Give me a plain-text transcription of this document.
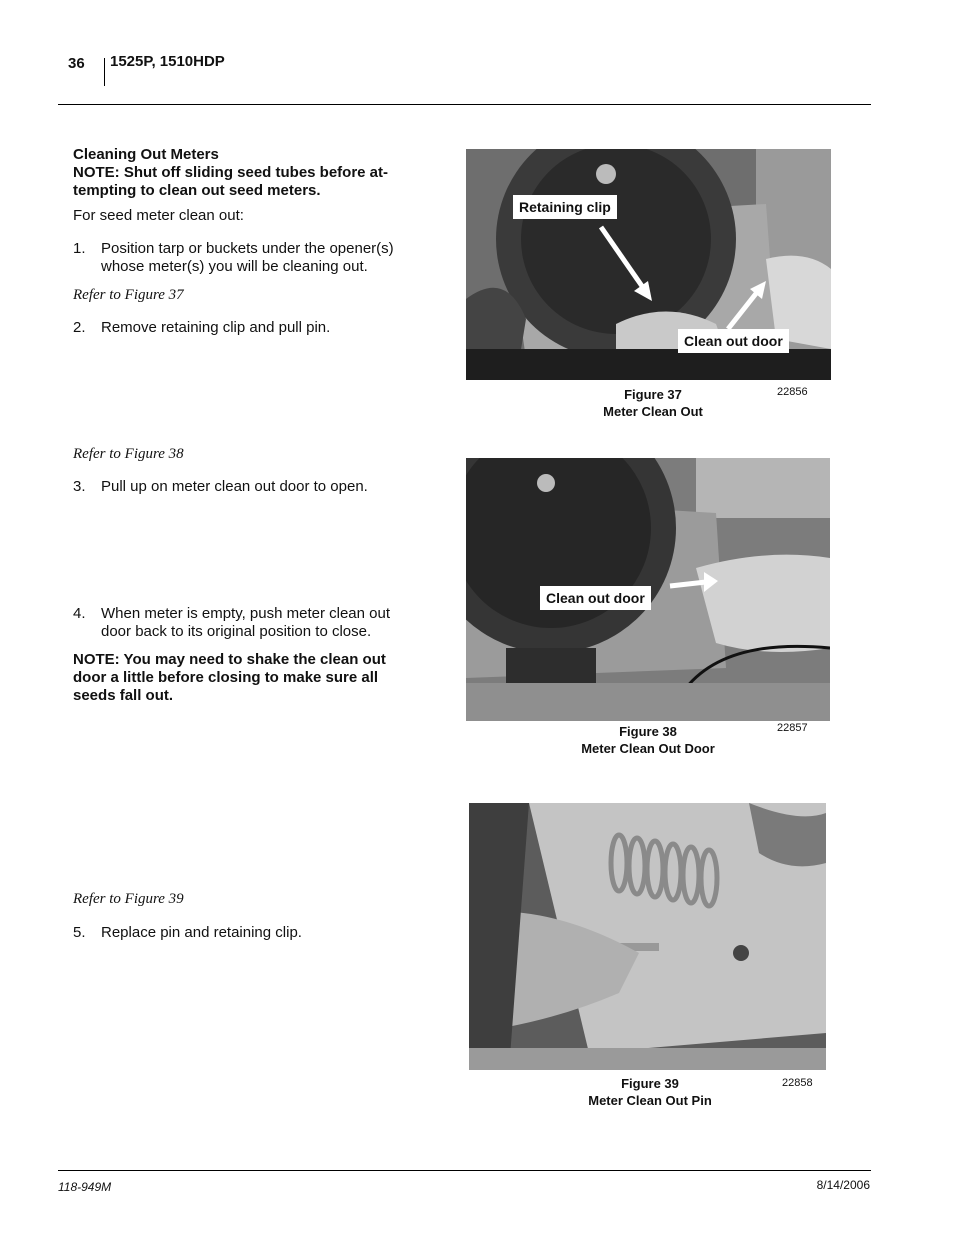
36 1525P, 1510HDP
Cleaning Out Meters
NOTE: Shut off sliding seed tubes before at-tempting to clean out seed meters.
For seed meter clean out:
1.	Position tarp or buckets under the opener(s) whose meter(s) you will be cleaning out.
Refer to Figure 37
2.	Remove retaining clip and pull pin.
Refer to Figure 38
3.	Pull up on meter clean out door to open.
4.	When meter is empty, push meter clean out door back to its original position to close.
NOTE: You may need to shake the clean out door a little before closing to make sure all seeds fall out.
Refer to Figure 39
5.	Replace pin and retaining clip.
Retaining clip
Clean out door
Figure 37
Meter Clean Out
22856
Clean out door
Figure 38
Meter Clean Out Door
22857
Figure 39
Meter Clean Out Pin
22858
118-949M	8/14/2006
